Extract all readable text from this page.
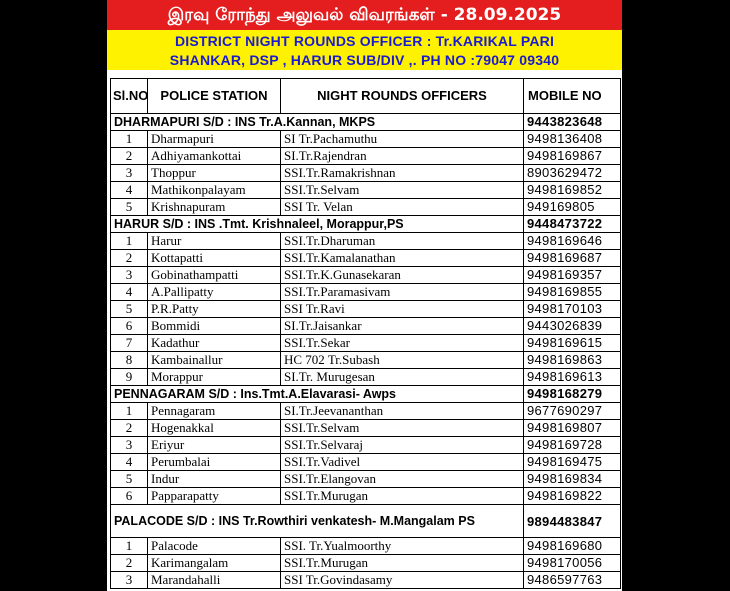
இரவு ரோந்து அலுவல் விவரங்கள் - 28.09.2025
DISTRICT NIGHT ROUNDS OFFICER : Tr.KARIKAL PARI
SHANKAR, DSP , HARUR SUB/DIV ,. PH NO :79047 09340
Sl.NO	POLICE STATION	NIGHT ROUNDS OFFICERS	MOBILE NO
DHARMAPURI S/D : INS Tr.A.Kannan, MKPS			9443823648
1	Dharmapuri	SI Tr.Pachamuthu	9498136408
2	Adhiyamankottai	SI.Tr.Rajendran	9498169867
3	Thoppur	SSI.Tr.Ramakrishnan	8903629472
4	Mathikonpalayam	SSI.Tr.Selvam	9498169852
5	Krishnapuram	SSI Tr. Velan	949169805
HARUR S/D : INS .Tmt. Krishnaleel, Morappur,PS			9448473722
1	Harur	SSI.Tr.Dharuman	9498169646
2	Kottapatti	SSI.Tr.Kamalanathan	9498169687
3	Gobinathampatti	SSI.Tr.K.Gunasekaran	9498169357
4	A.Pallipatty	SSI.Tr.Paramasivam	9498169855
5	P.R.Patty	SSI Tr.Ravi	9498170103
6	Bommidi	SI.Tr.Jaisankar	9443026839
7	Kadathur	SSI.Tr.Sekar	9498169615
8	Kambainallur	HC 702 Tr.Subash	9498169863
9	Morappur	SI.Tr. Murugesan	9498169613
PENNAGARAM S/D : Ins.Tmt.A.Elavarasi- Awps			9498168279
1	Pennagaram	SI.Tr.Jeevananthan	9677690297
2	Hogenakkal	SSI.Tr.Selvam	9498169807
3	Eriyur	SSI.Tr.Selvaraj	9498169728
4	Perumbalai	SSI.Tr.Vadivel	9498169475
5	Indur	SSI.Tr.Elangovan	9498169834
6	Papparapatty	SSI.Tr.Murugan	9498169822
PALACODE S/D : INS Tr.Rowthiri venkatesh- M.Mangalam PS			9894483847
1	Palacode	SSI. Tr.Yualmoorthy	9498169680
2	Karimangalam	SSI.Tr.Murugan	9498170056
3	Marandahalli	SSI Tr.Govindasamy	9486597763
